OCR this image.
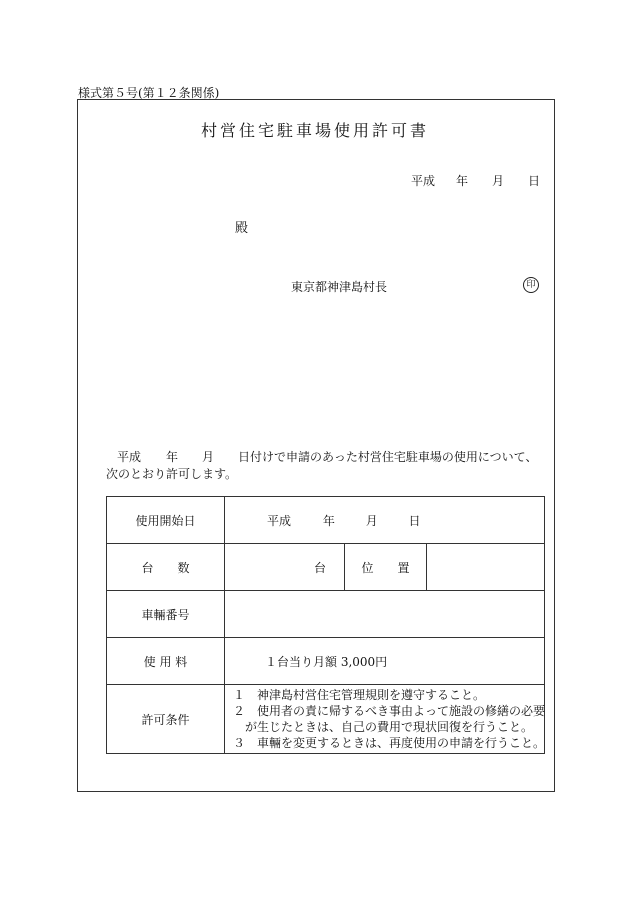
様式第５号(第１２条関係)
村営住宅駐車場使用許可書
平成 年 月 日
殿
東京都神津島村長	印
平成 年 月 日付けで申請のあった村営住宅駐車場の使用について、
次のとおり許可します。
使用開始日	平成 年 月 日		
台　　数	台	位　　置	
車輛番号			
使 用 料	１台当り月額 3,000円		
許可条件	１　神津島村営住宅管理規則を遵守すること。
２　使用者の責に帰するべき事由よって施設の修繕の必要
　が生じたときは、自己の費用で現状回復を行うこと。
３　車輛を変更するときは、再度使用の申請を行うこと。		
